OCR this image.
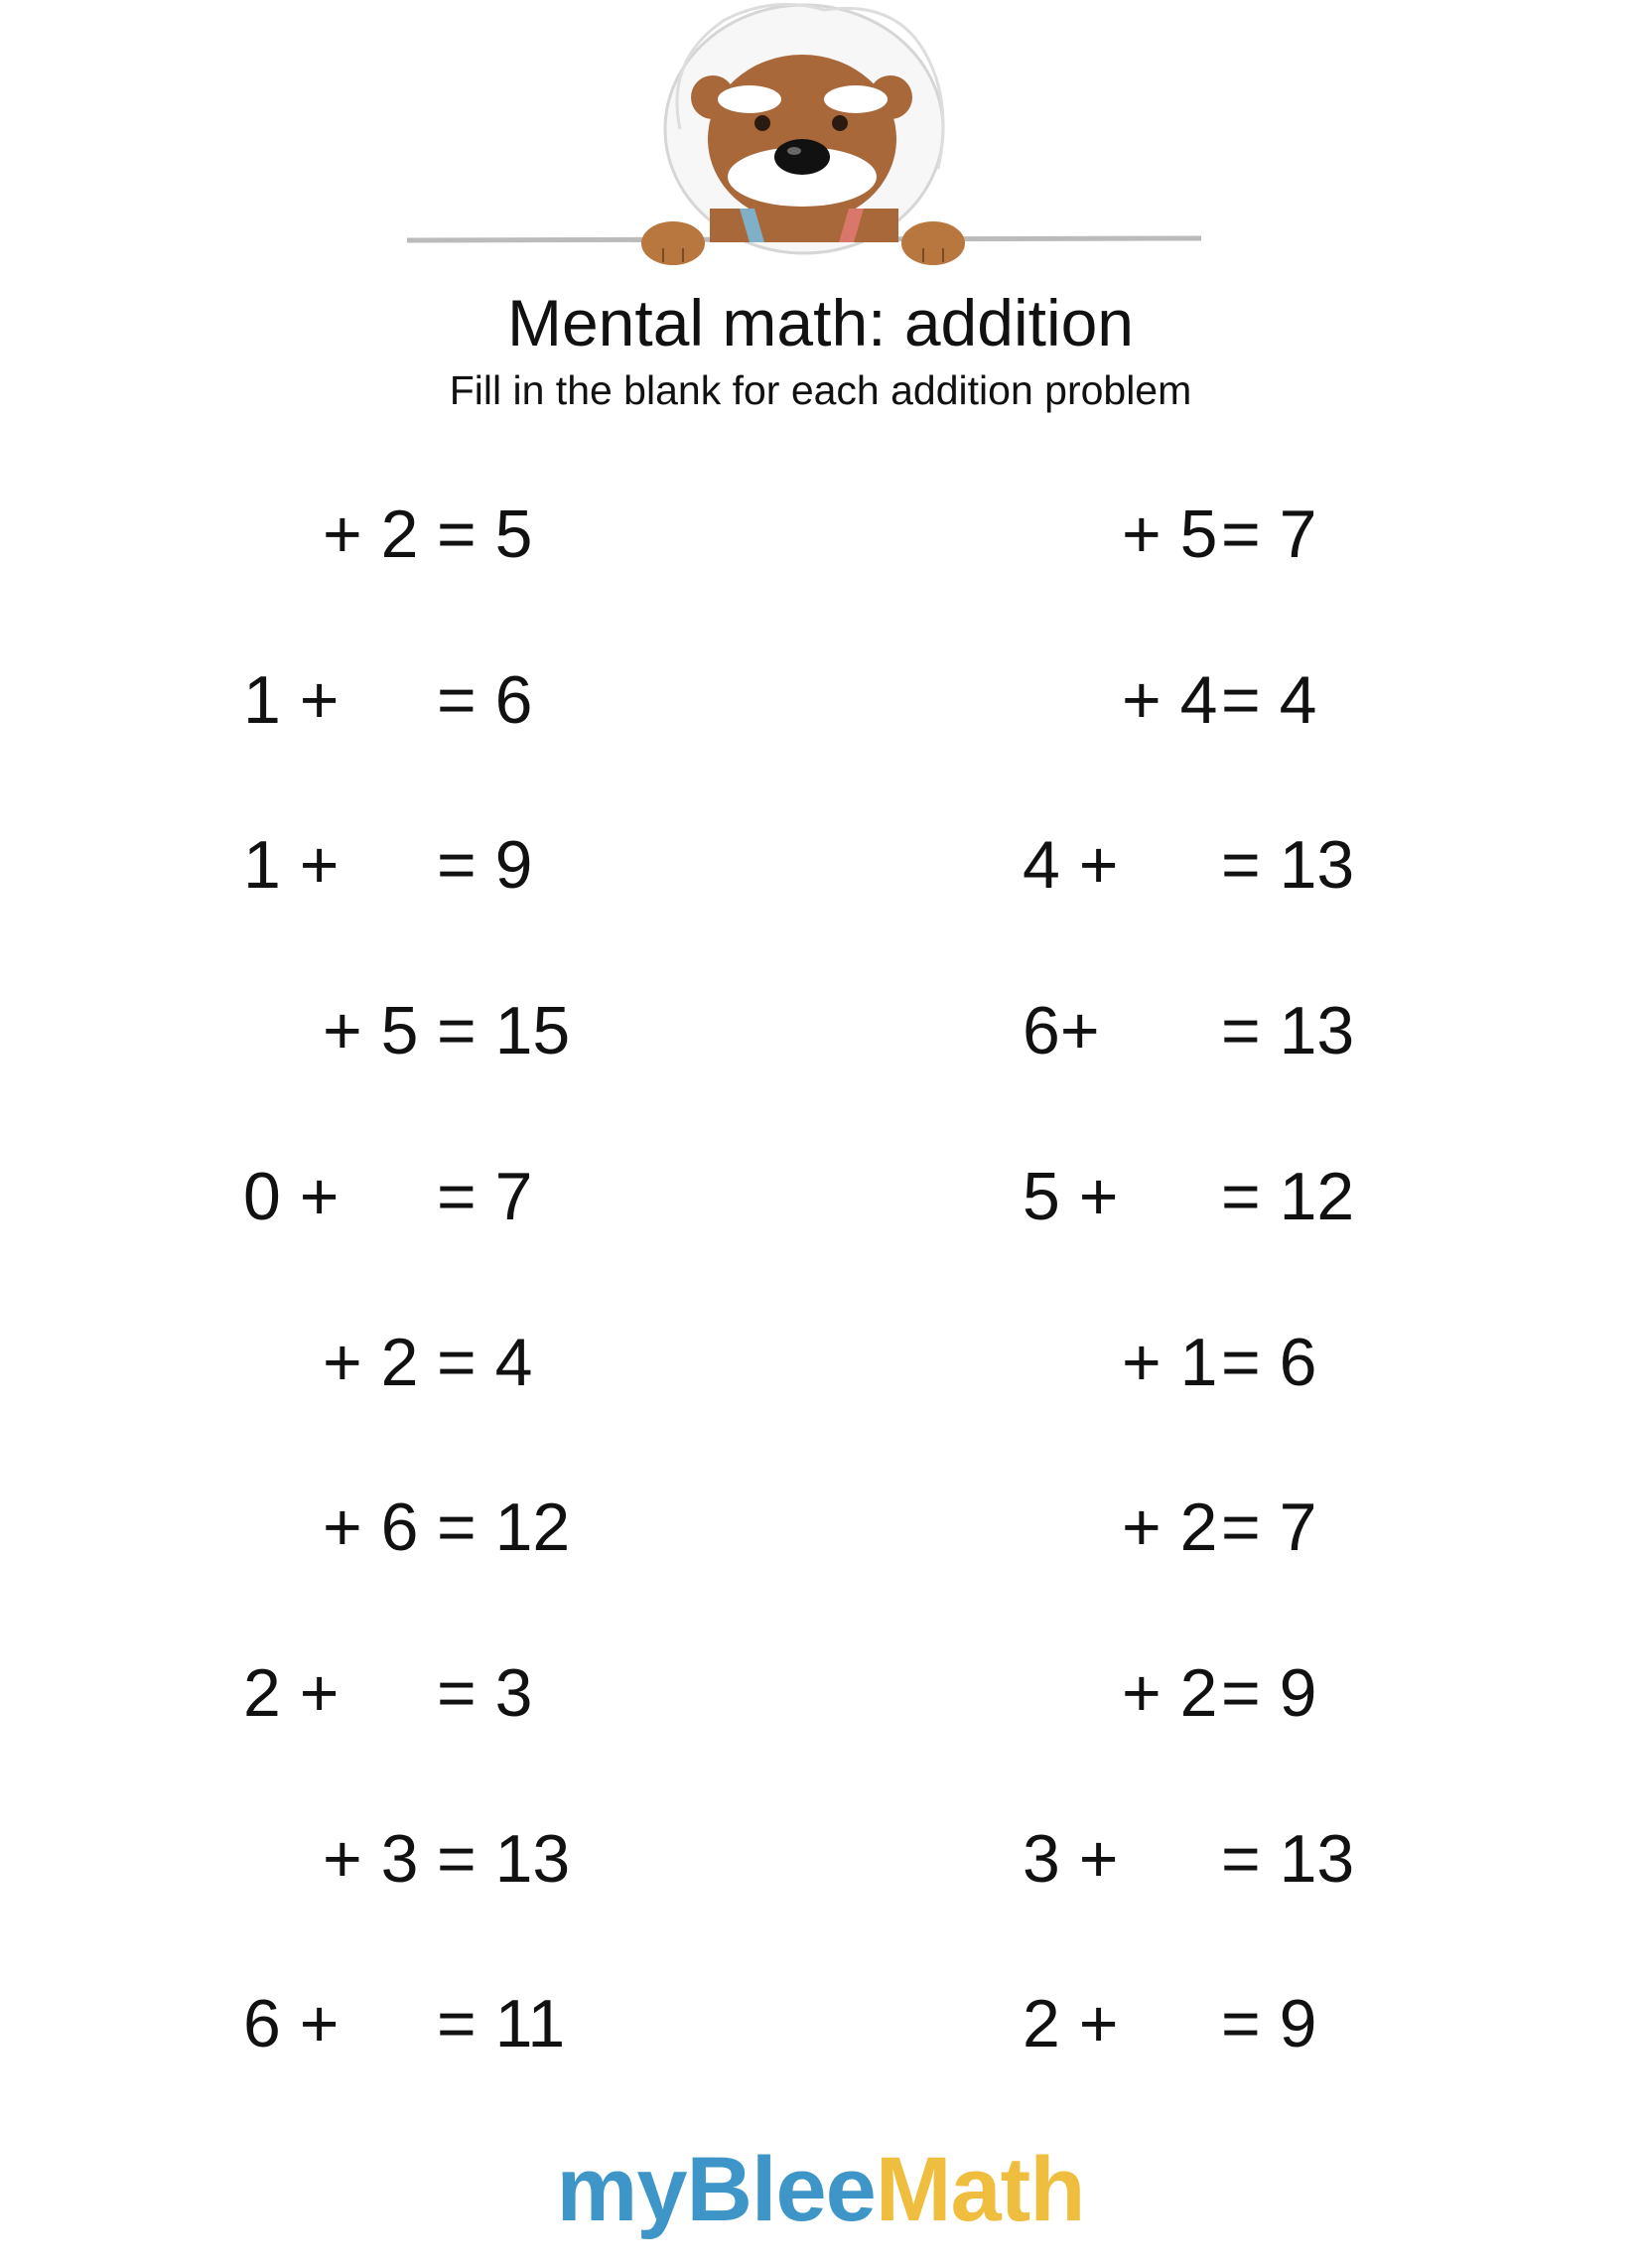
Mental math: addition
Fill in the blank for each addition problem
+ 2 = 5
1 + = 6
1 + = 9
+ 5 = 15
0 + = 7
+ 2 = 4
+ 6 = 12
2 + = 3
+ 3 = 13
6 + = 11
+ 5 = 7
+ 4 = 4
4 + = 13
6+ = 13
5 + = 12
+ 1 = 6
+ 2 = 7
+ 2 = 9
3 + = 13
2 + = 9
myBleeMath
